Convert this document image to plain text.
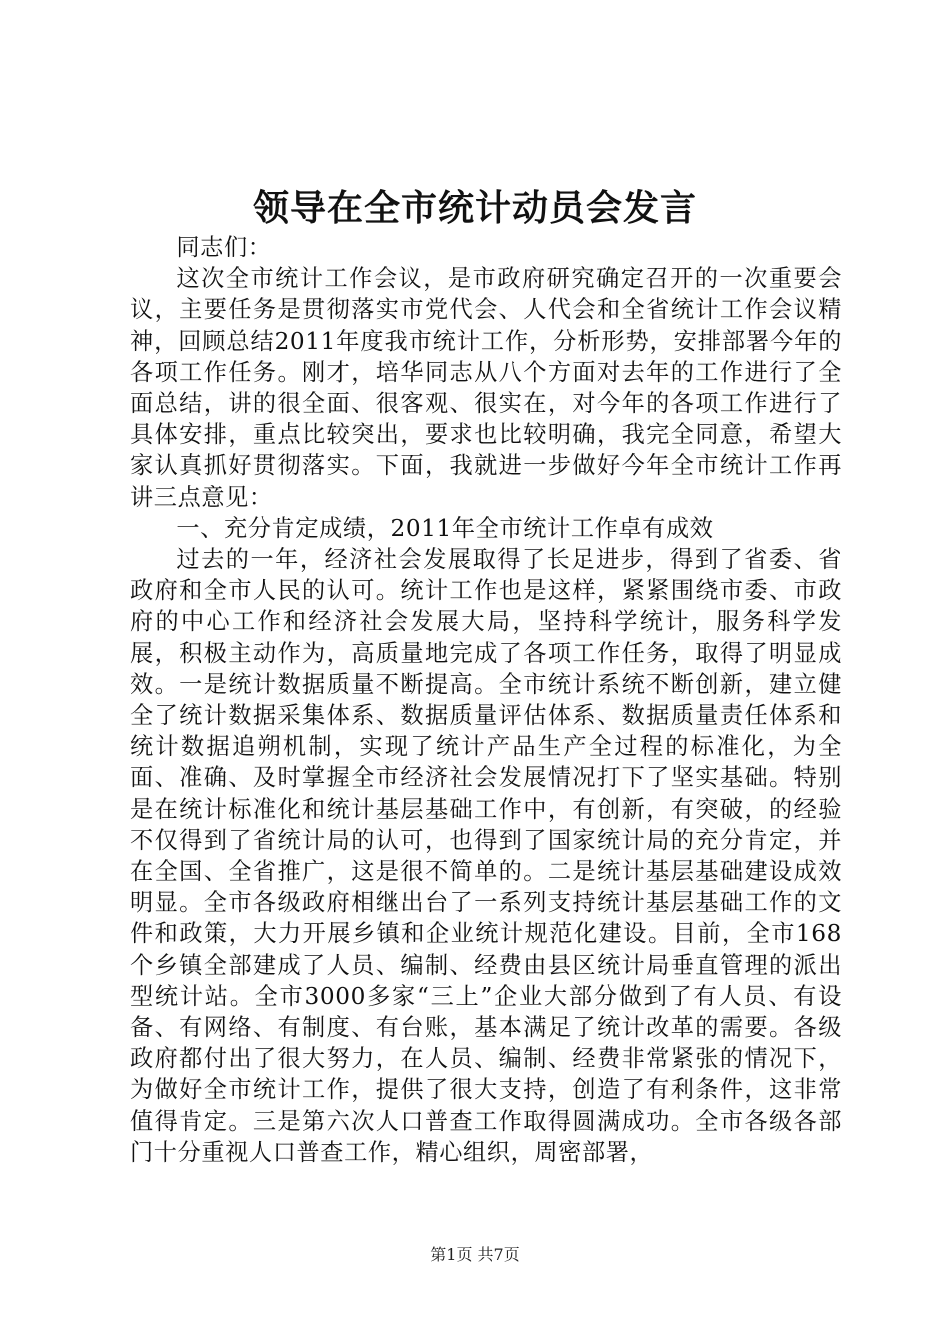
领导在全市统计动员会发言

同志们：

这次全市统计工作会议，是市政府研究确定召开的一次重要会议，主要任务是贯彻落实市党代会、人代会和全省统计工作会议精神，回顾总结2011年度我市统计工作，分析形势，安排部署今年的各项工作任务。刚才，培华同志从八个方面对去年的工作进行了全面总结，讲的很全面、很客观、很实在，对今年的各项工作进行了具体安排，重点比较突出，要求也比较明确，我完全同意，希望大家认真抓好贯彻落实。下面，我就进一步做好今年全市统计工作再讲三点意见：

一、充分肯定成绩，2011年全市统计工作卓有成效

过去的一年，经济社会发展取得了长足进步，得到了省委、省政府和全市人民的认可。统计工作也是这样，紧紧围绕市委、市政府的中心工作和经济社会发展大局，坚持科学统计，服务科学发展，积极主动作为，高质量地完成了各项工作任务，取得了明显成效。一是统计数据质量不断提高。全市统计系统不断创新，建立健全了统计数据采集体系、数据质量评估体系、数据质量责任体系和统计数据追朔机制，实现了统计产品生产全过程的标准化，为全面、准确、及时掌握全市经济社会发展情况打下了坚实基础。特别是在统计标准化和统计基层基础工作中，有创新，有突破，的经验不仅得到了省统计局的认可，也得到了国家统计局的充分肯定，并在全国、全省推广，这是很不简单的。二是统计基层基础建设成效明显。全市各级政府相继出台了一系列支持统计基层基础工作的文件和政策，大力开展乡镇和企业统计规范化建设。目前，全市168个乡镇全部建成了人员、编制、经费由县区统计局垂直管理的派出型统计站。全市3000多家“三上”企业大部分做到了有人员、有设备、有网络、有制度、有台账，基本满足了统计改革的需要。各级政府都付出了很大努力，在人员、编制、经费非常紧张的情况下，为做好全市统计工作，提供了很大支持，创造了有利条件，这非常值得肯定。三是第六次人口普查工作取得圆满成功。全市各级各部门十分重视人口普查工作，精心组织，周密部署，

第1页 共7页
